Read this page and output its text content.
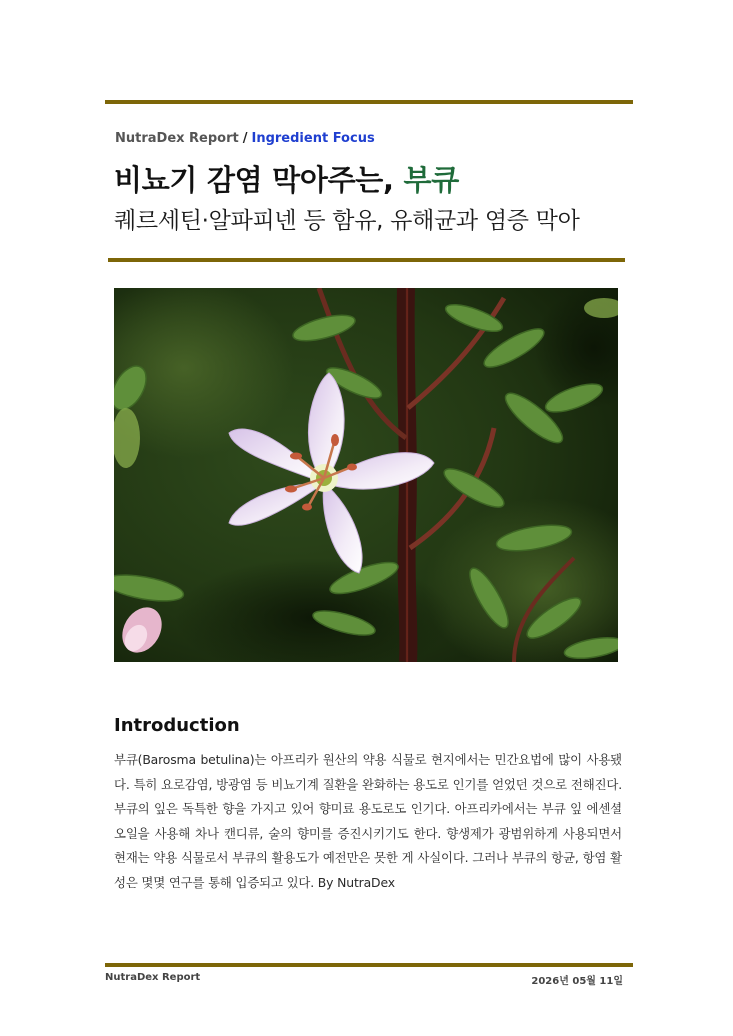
NutraDex Report / Ingredient Focus
비뇨기 감염 막아주는, 부큐
퀘르세틴·알파피넨 등 함유, 유해균과 염증 막아
Introduction
부큐(Barosma betulina)는 아프리카 원산의 약용 식물로 현지에서는 민간요법에 많이 사용됐다. 특히 요로감염, 방광염 등 비뇨기계 질환을 완화하는 용도로 인기를 얻었던 것으로 전해진다. 부큐의 잎은 독특한 향을 가지고 있어 향미료 용도로도 인기다. 아프리카에서는 부큐 잎 에센셜 오일을 사용해 차나 캔디류, 술의 향미를 증진시키기도 한다. 향생제가 광범위하게 사용되면서 현재는 약용 식물로서 부큐의 활용도가 예전만은 못한 게 사실이다. 그러나 부큐의 항균, 항염 활성은 몇몇 연구를 통해 입증되고 있다. By NutraDex
NutraDex Report	2026년 05월 11일
